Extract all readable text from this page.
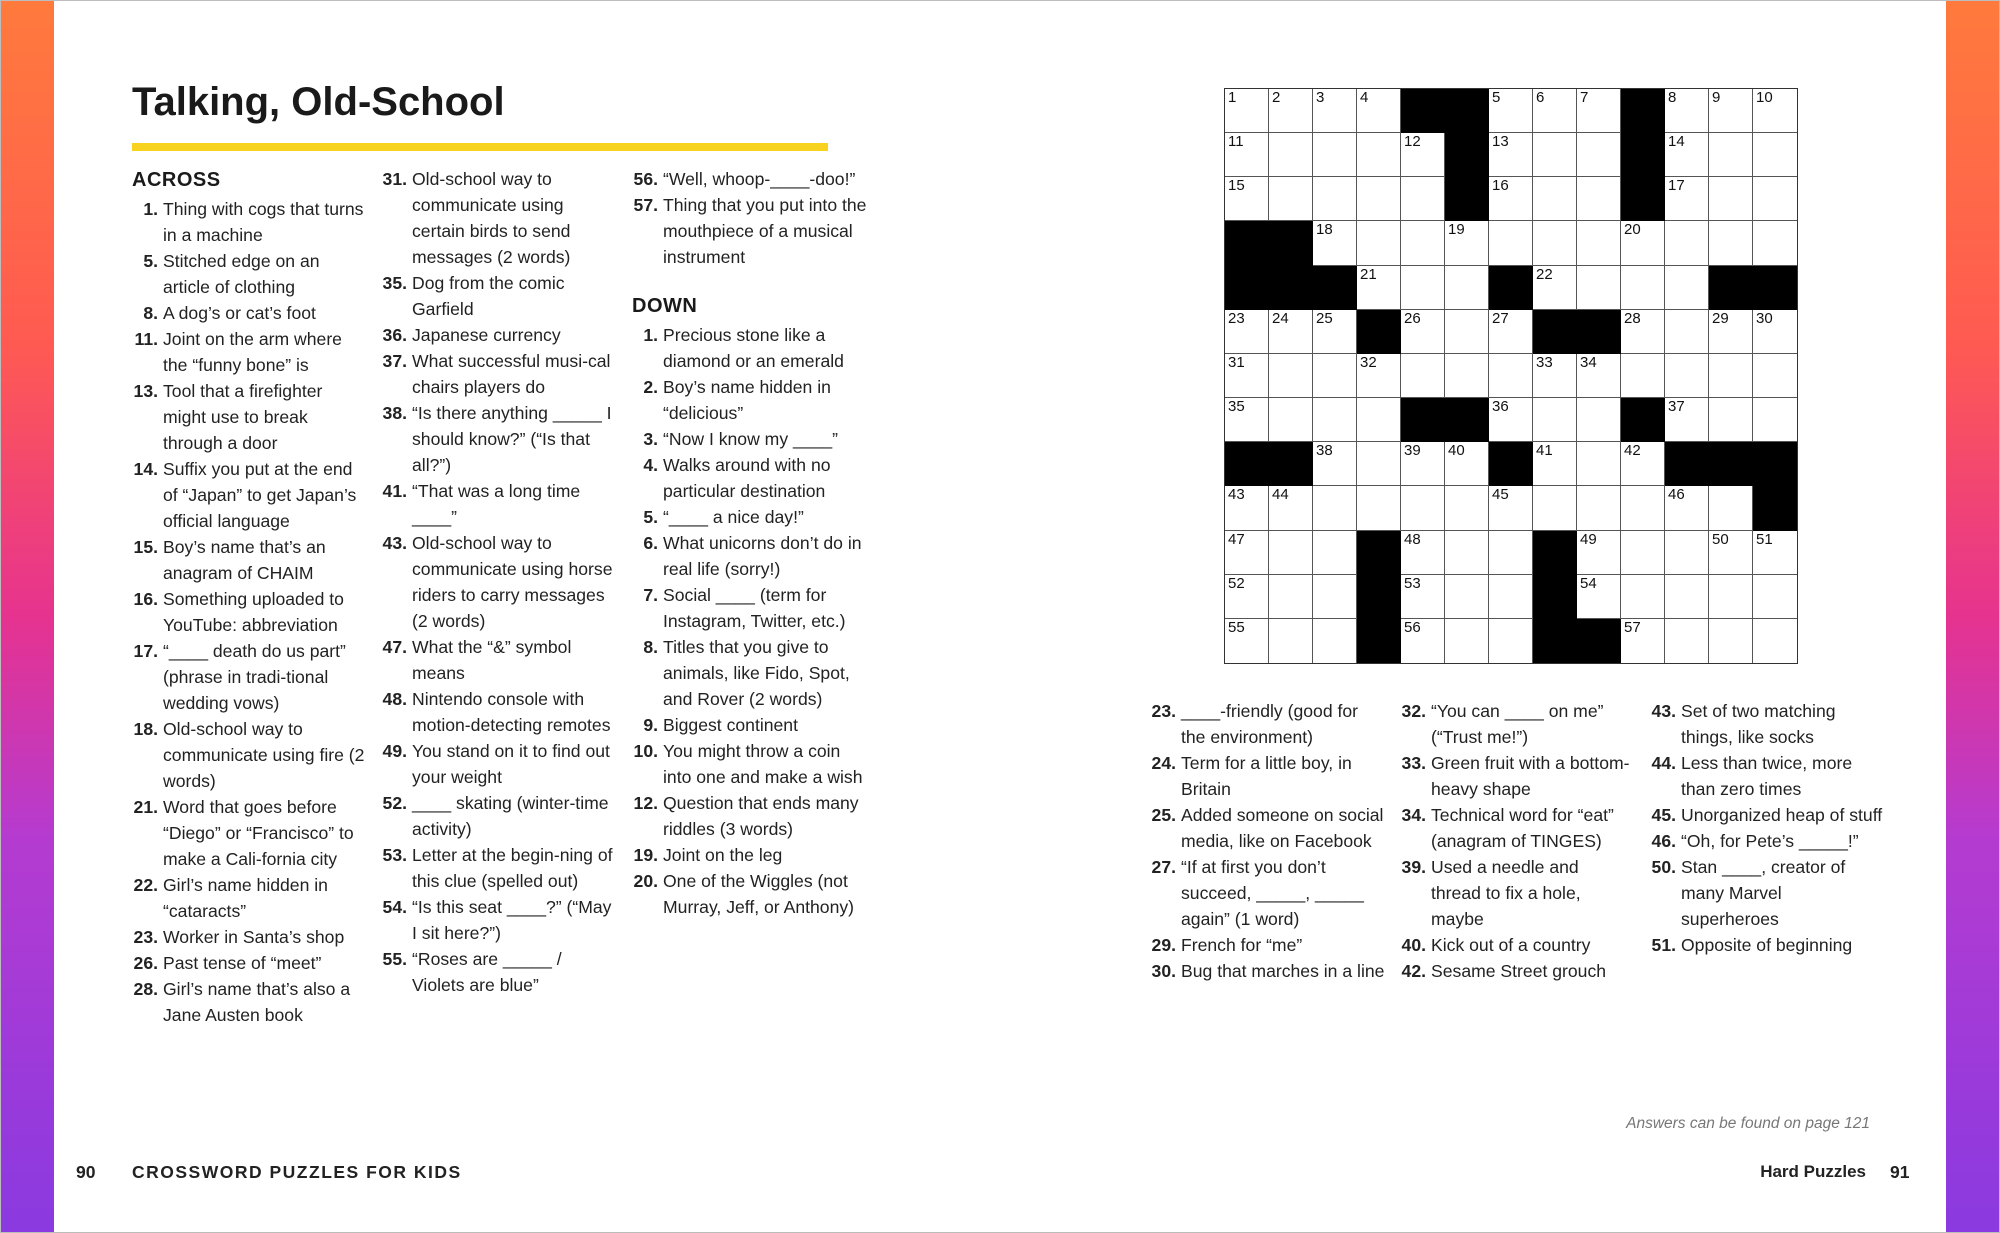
Talking, Old-School
ACROSS

1. Thing with cogs that turns in a machine

5. Stitched edge on an article of clothing

8. A dog’s or cat’s foot

11. Joint on the arm where the “funny bone” is

13. Tool that a firefighter might use to break through a door

14. Suffix you put at the end of “Japan” to get Japan’s official language

15. Boy’s name that’s an anagram of CHAIM

16. Something uploaded to YouTube: abbreviation

17. “____ death do us part” (phrase in tradi-tional wedding vows)

18. Old-school way to communicate using fire (2 words)

21. Word that goes before “Diego” or “Francisco” to make a Cali-fornia city

22. Girl’s name hidden in “cataracts”

23. Worker in Santa’s shop

26. Past tense of “meet”

28. Girl’s name that’s also a Jane Austen book

31. Old-school way to communicate using certain birds to send messages (2 words)

35. Dog from the comic Garfield

36. Japanese currency

37. What successful musi-cal chairs players do

38. “Is there anything _____ I should know?” (“Is that all?”)

41. “That was a long time ____”

43. Old-school way to communicate using horse riders to carry messages (2 words)

47. What the “&” symbol means

48. Nintendo console with motion-detecting remotes

49. You stand on it to find out your weight

52. ____ skating (winter-time activity)

53. Letter at the begin-ning of this clue (spelled out)

54. “Is this seat ____?” (“May I sit here?”)

55. “Roses are _____ / Violets are blue”

56. “Well, whoop-____-doo!”

57. Thing that you put into the mouthpiece of a musical instrument

DOWN

1. Precious stone like a diamond or an emerald

2. Boy’s name hidden in “delicious”

3. “Now I know my ____”

4. Walks around with no particular destination

5. “____ a nice day!”

6. What unicorns don’t do in real life (sorry!)

7. Social ____ (term for Instagram, Twitter, etc.)

8. Titles that you give to animals, like Fido, Spot, and Rover (2 words)

9. Biggest continent

10. You might throw a coin into one and make a wish

12. Question that ends many riddles (3 words)

19. Joint on the leg

20. One of the Wiggles (not Murray, Jeff, or Anthony)

1 2 3 4	5 6 7	8 9 10
11	12	13	14
15	16	17
18	19	20
21	22
23 24 25	26	27	28	29 30
31	32	33 34
35	36	37
38	39 40	41	42
43 44	45	46
47	48	49	50 51
52	53	54
55	56	57

23. ____-friendly (good for the environment)

24. Term for a little boy, in Britain

25. Added someone on social media, like on Facebook

27. “If at first you don’t succeed, _____, _____ again” (1 word)

29. French for “me”

30. Bug that marches in a line

32. “You can ____ on me” (“Trust me!”)

33. Green fruit with a bottom-heavy shape

34. Technical word for “eat” (anagram of TINGES)

39. Used a needle and thread to fix a hole, maybe

40. Kick out of a country

42. Sesame Street grouch

43. Set of two matching things, like socks

44. Less than twice, more than zero times

45. Unorganized heap of stuff

46. “Oh, for Pete’s _____!”

50. Stan ____, creator of many Marvel superheroes

51. Opposite of beginning

Answers can be found on page 121
90 CROSSWORD PUZZLES FOR KIDS	Hard Puzzles 91
